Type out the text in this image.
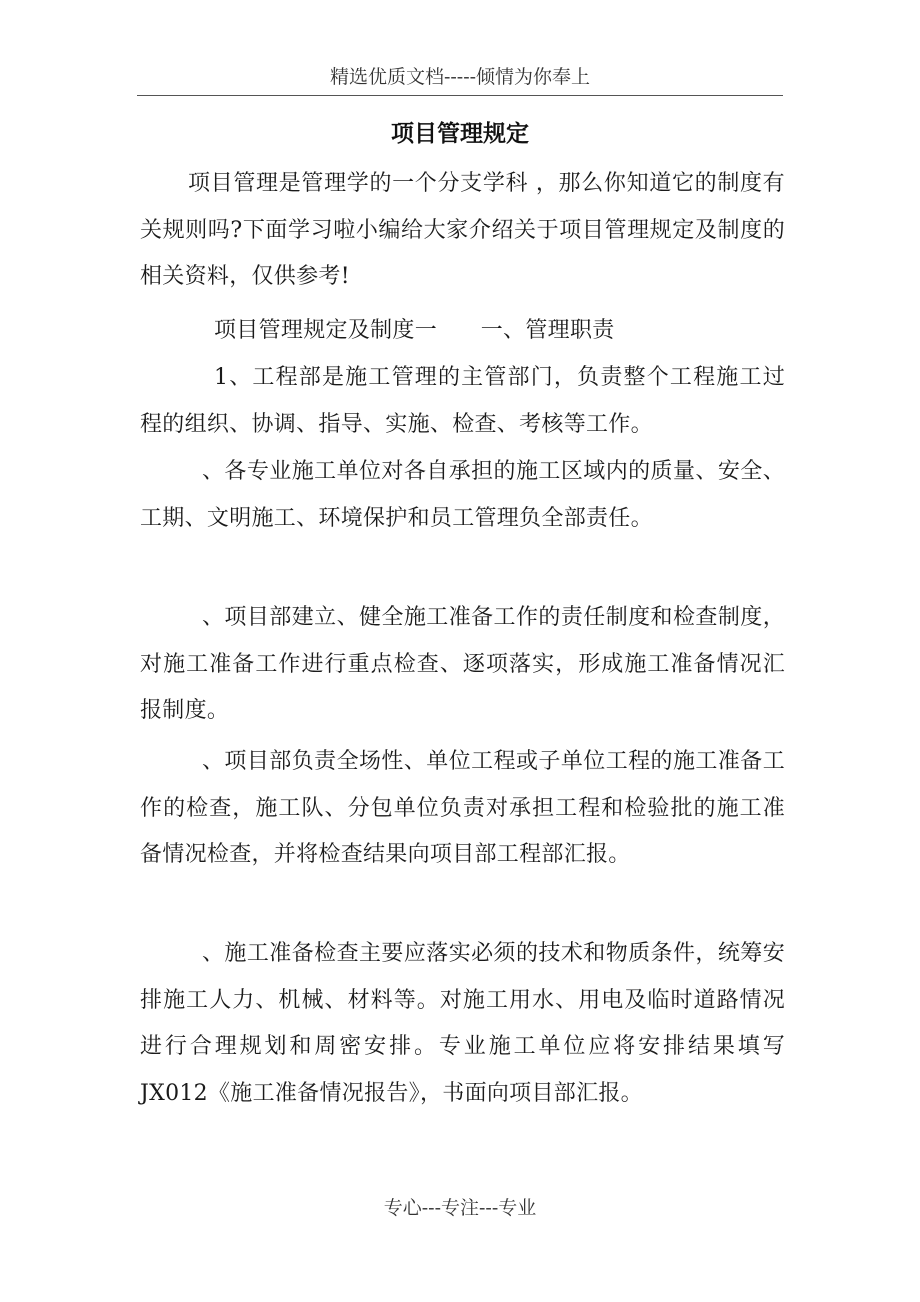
精选优质文档-----倾情为你奉上
项目管理规定

项目管理是管理学的一个分支学科 ，那么你知道它的制度有关规则吗?下面学习啦小编给大家介绍关于项目管理规定及制度的相关资料，仅供参考!

项目管理规定及制度一      一、管理职责

1、工程部是施工管理的主管部门，负责整个工程施工过程的组织、协调、指导、实施、检查、考核等工作。

、各专业施工单位对各自承担的施工区域内的质量、安全、工期、文明施工、环境保护和员工管理负全部责任。

、项目部建立、健全施工准备工作的责任制度和检查制度，对施工准备工作进行重点检查、逐项落实，形成施工准备情况汇报制度。

、项目部负责全场性、单位工程或子单位工程的施工准备工作的检查，施工队、分包单位负责对承担工程和检验批的施工准备情况检查，并将检查结果向项目部工程部汇报。

、施工准备检查主要应落实必须的技术和物质条件，统筹安排施工人力、机械、材料等。对施工用水、用电及临时道路情况进行合理规划和周密安排。专业施工单位应将安排结果填写 JX012《施工准备情况报告》，书面向项目部汇报。

专心---专注---专业
